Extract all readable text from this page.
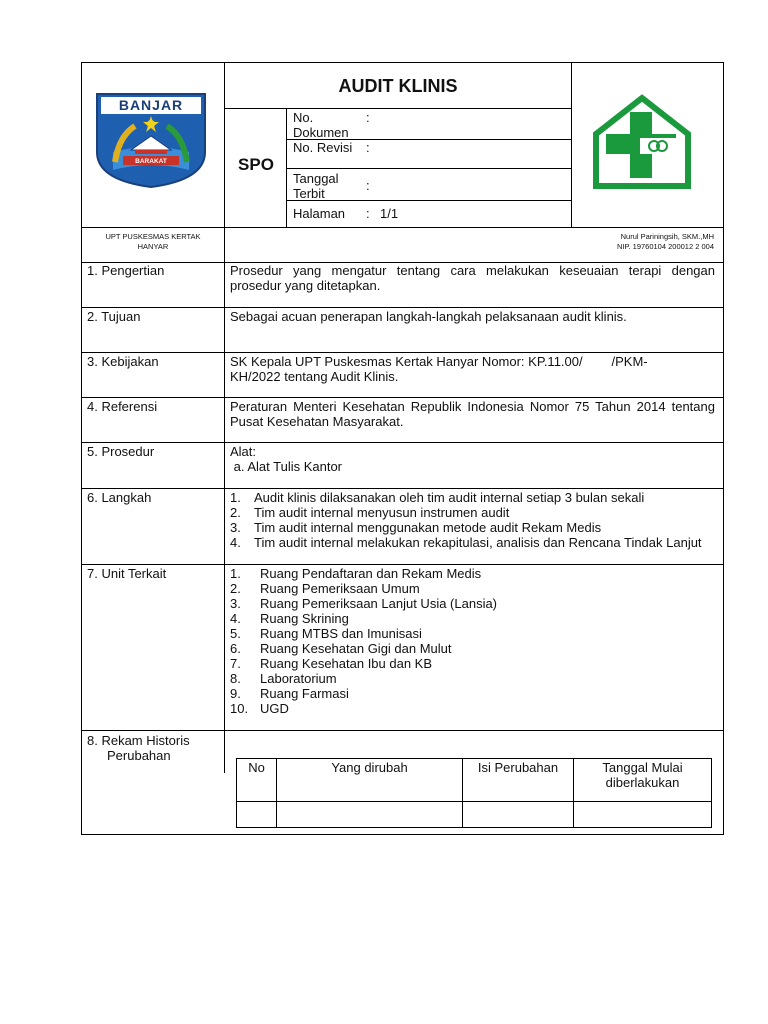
BARAKAT
BANJAR
AUDIT KLINIS
SPO
No. Dokumen
:
No. Revisi :
Tanggal Terbit
:
Halaman : 1/1
UPT PUSKESMAS KERTAK
HANYAR
Nurul Pariningsih, SKM.,MH
NIP. 19760104 200012 2 004
1. Pengertian	Prosedur yang mengatur tentang cara melakukan keseuaian terapi dengan prosedur yang ditetapkan.
2. Tujuan	Sebagai acuan penerapan langkah-langkah pelaksanaan audit klinis.
3. Kebijakan	SK Kepala UPT Puskesmas Kertak Hanyar Nomor: KP.11.00/        /PKM-
KH/2022 tentang Audit Klinis.
4. Referensi	Peraturan Menteri Kesehatan Republik Indonesia Nomor 75 Tahun 2014 tentang Pusat Kesehatan Masyarakat.
5. Prosedur	Alat:
a. Alat Tulis Kantor
6. Langkah	1. Audit klinis dilaksanakan oleh tim audit internal setiap 3 bulan sekali
2. Tim audit internal menyusun instrumen audit
3. Tim audit internal menggunakan metode audit Rekam Medis
4. Tim audit internal melakukan rekapitulasi, analisis dan Rencana Tindak Lanjut
7. Unit Terkait	1. Ruang Pendaftaran dan Rekam Medis
2. Ruang Pemeriksaan Umum
3. Ruang Pemeriksaan Lanjut Usia (Lansia)
4. Ruang Skrining
5. Ruang MTBS dan Imunisasi
6. Ruang Kesehatan Gigi dan Mulut
7. Ruang Kesehatan Ibu dan KB
8. Laboratorium
9. Ruang Farmasi
10. UGD
8. Rekam Historis
Perubahan
No	Yang dirubah	Isi Perubahan	Tanggal Mulai diberlakukan
